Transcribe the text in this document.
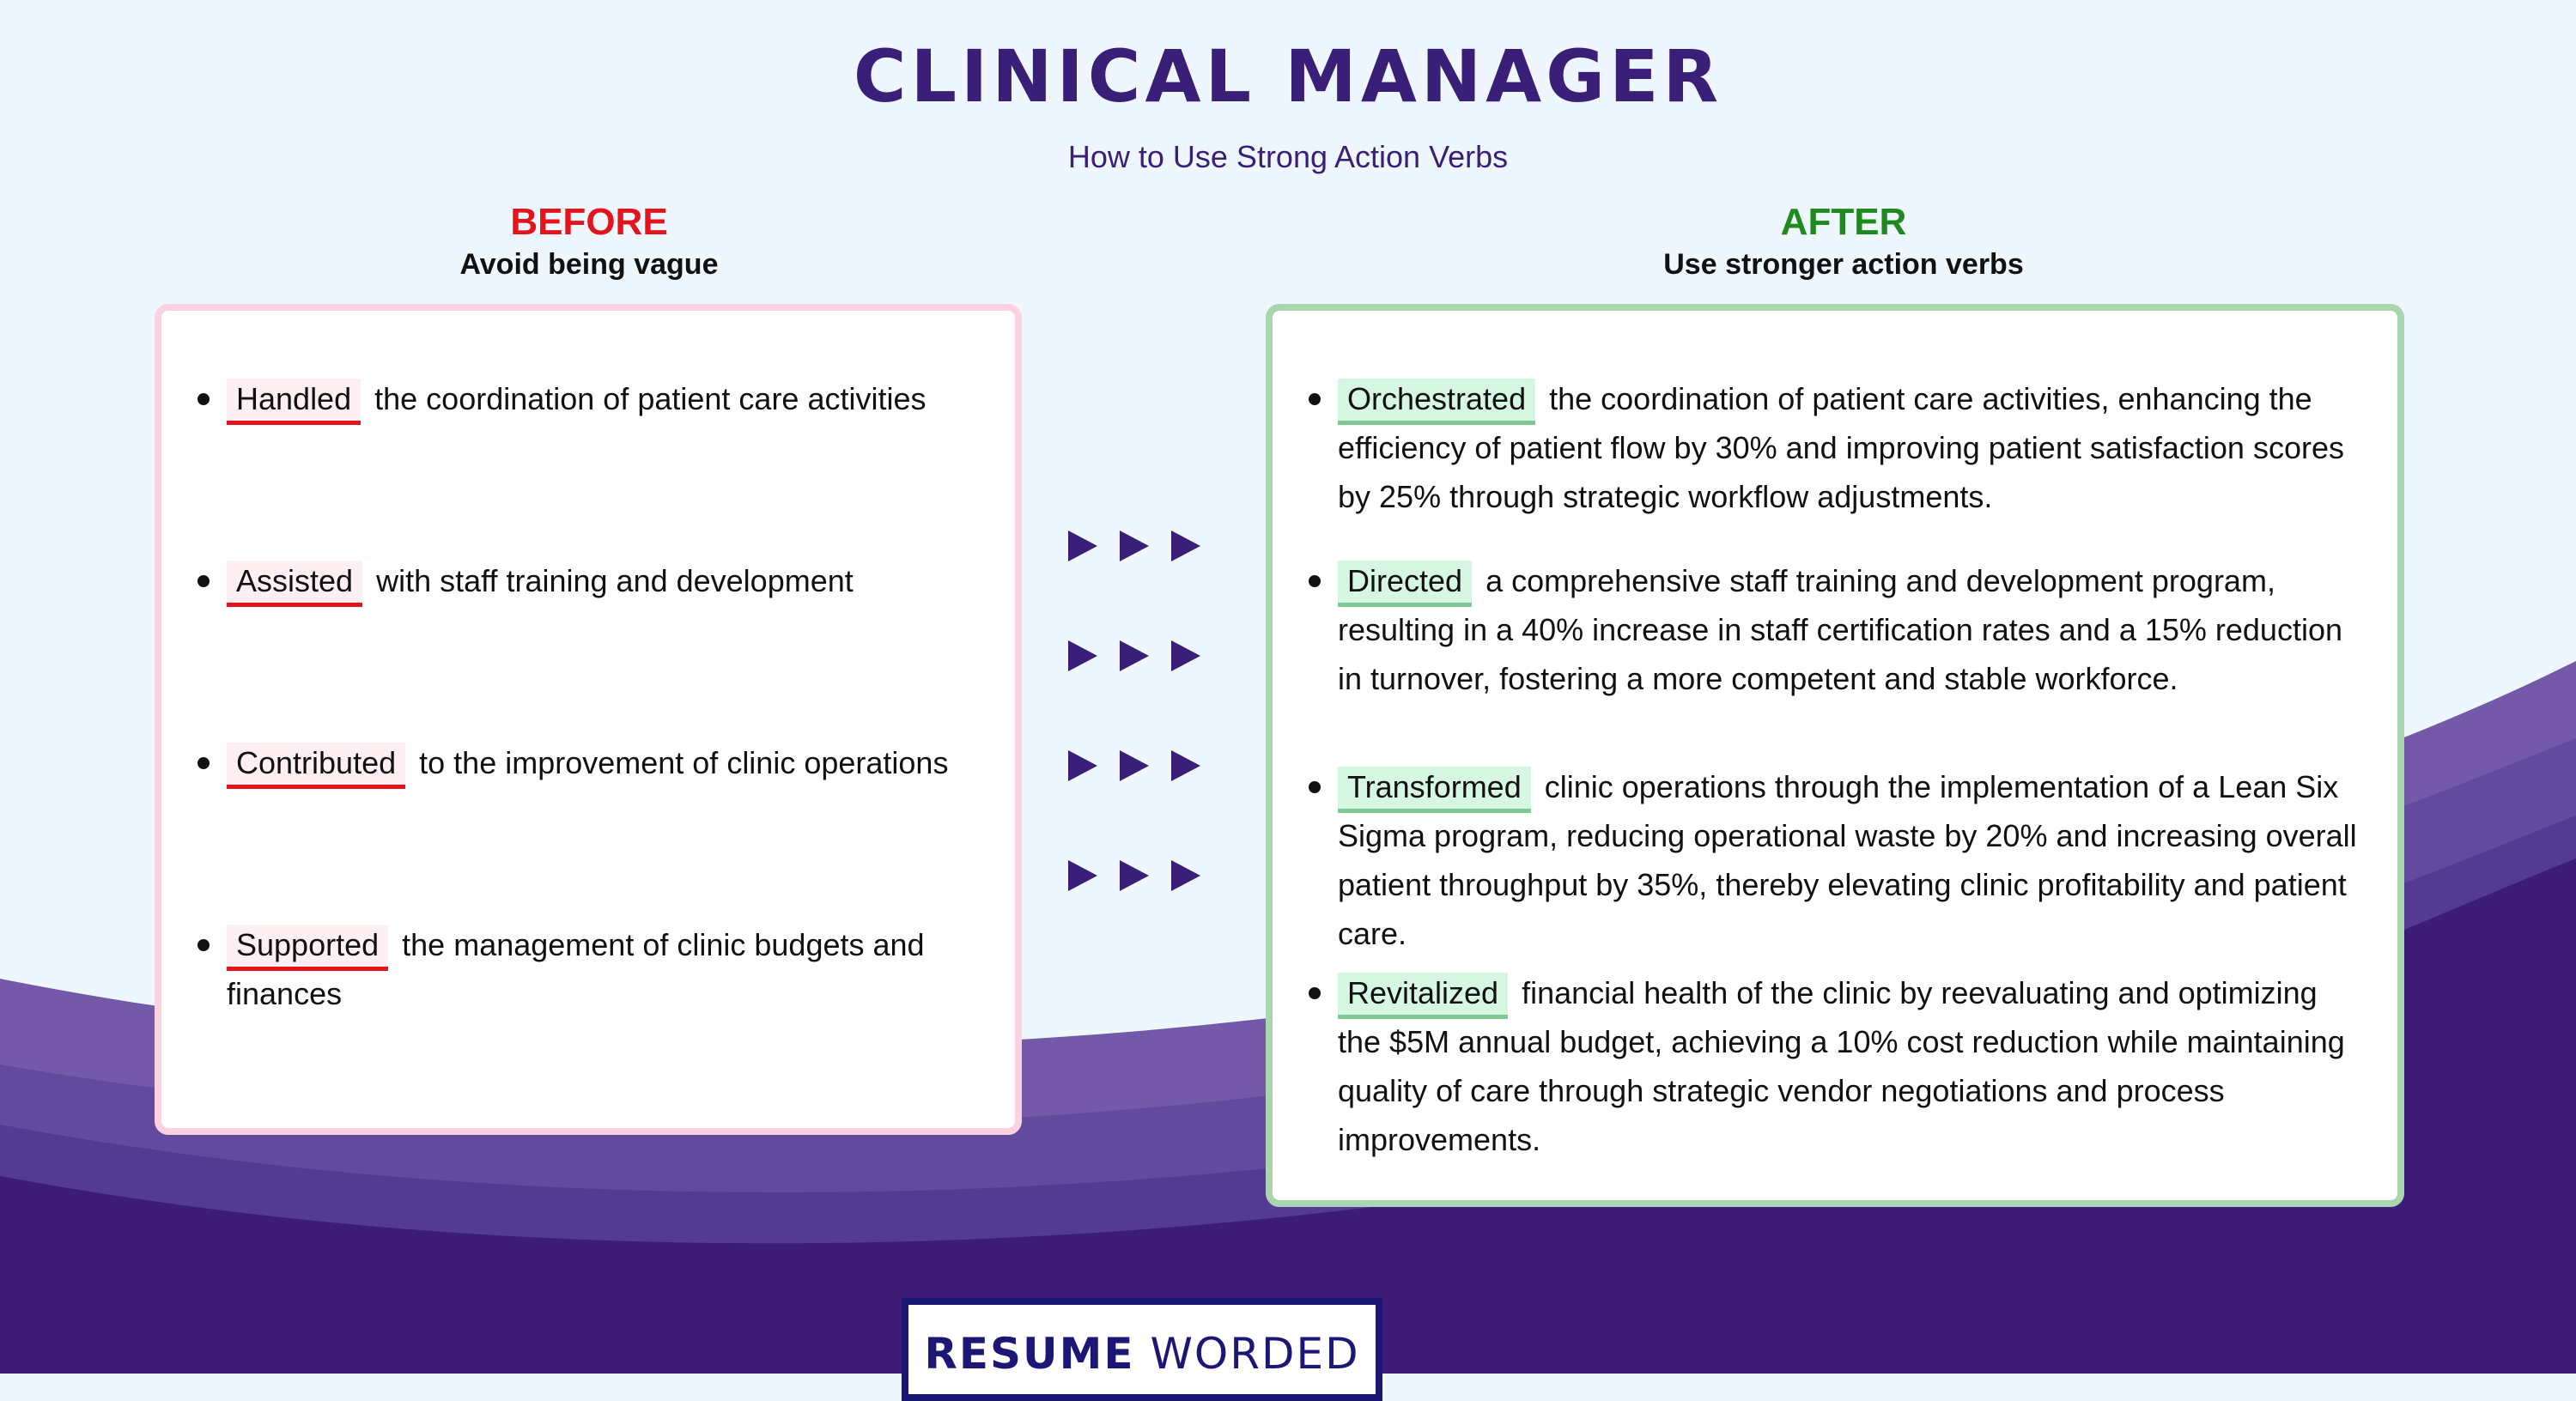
CLINICAL MANAGER
How to Use Strong Action Verbs
BEFORE
Avoid being vague
AFTER
Use stronger action verbs
Handled the coordination of patient care activities
Assisted with staff training and development
Contributed to the improvement of clinic operations
Supported the management of clinic budgets and finances
Orchestrated the coordination of patient care activities, enhancing the efficiency of patient flow by 30% and improving patient satisfaction scores by 25% through strategic workflow adjustments.
Directed a comprehensive staff training and development program, resulting in a 40% increase in staff certification rates and a 15% reduction in turnover, fostering a more competent and stable workforce.
Transformed clinic operations through the implementation of a Lean Six Sigma program, reducing operational waste by 20% and increasing overall patient throughput by 35%, thereby elevating clinic profitability and patient care.
Revitalized financial health of the clinic by reevaluating and optimizing the $5M annual budget, achieving a 10% cost reduction while maintaining quality of care through strategic vendor negotiations and process improvements.
RESUME WORDED
